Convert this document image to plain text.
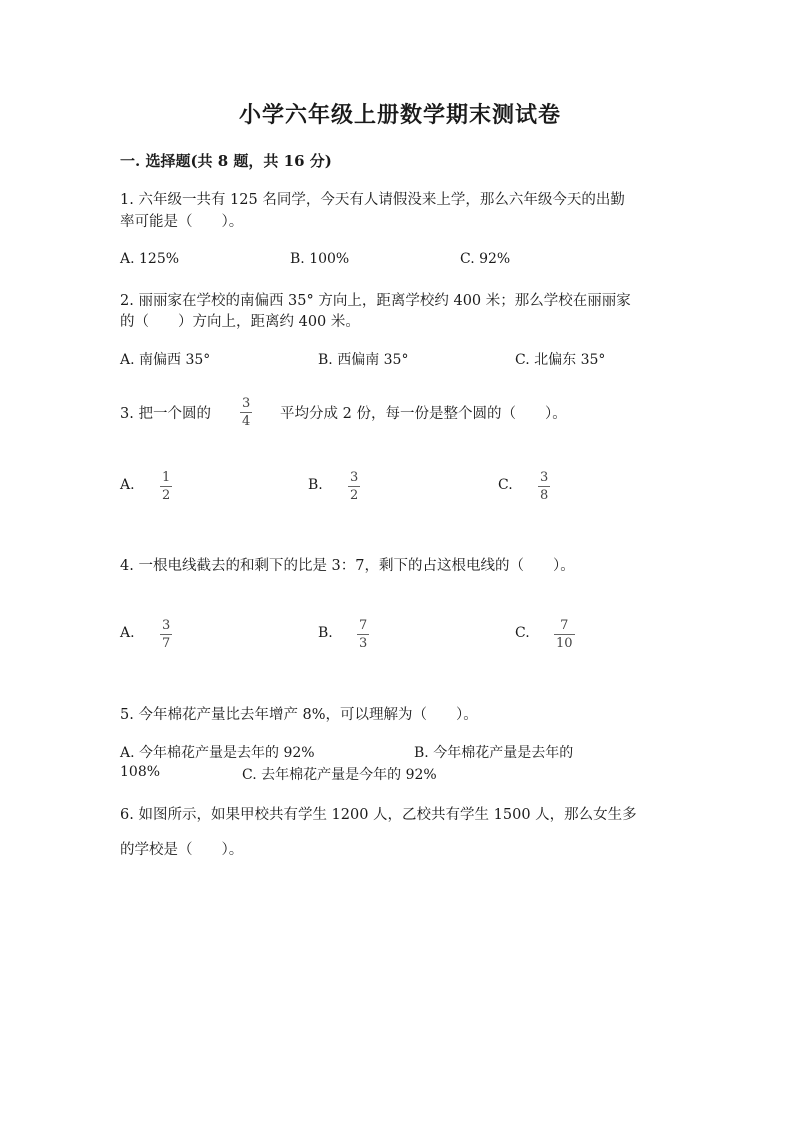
小学六年级上册数学期末测试卷
一. 选择题(共 8 题，共 16 分)
1. 六年级一共有 125 名同学，今天有人请假没来上学，那么六年级今天的出勤
率可能是（　　）。
A. 125%	B. 100%	C. 92%
2. 丽丽家在学校的南偏西 35° 方向上，距离学校约 400 米；那么学校在丽丽家
的（　　）方向上，距离约 400 米。
A. 南偏西 35°	B. 西偏南 35°	C. 北偏东 35°
3. 把一个圆的
3
4 平均分成 2 份，每一份是整个圆的（　　）。
A. 1
2
B. 3
2
C. 3
8
4. 一根电线截去的和剩下的比是 3：7，剩下的占这根电线的（　　）。
A. 3
7
B. 7
3
C. 7
10
5. 今年棉花产量比去年增产 8%，可以理解为（　　）。
A. 今年棉花产量是去年的 92%	B. 今年棉花产量是去年的
108%	C. 去年棉花产量是今年的 92%
6. 如图所示，如果甲校共有学生 1200 人，乙校共有学生 1500 人，那么女生多
的学校是（　　）。
